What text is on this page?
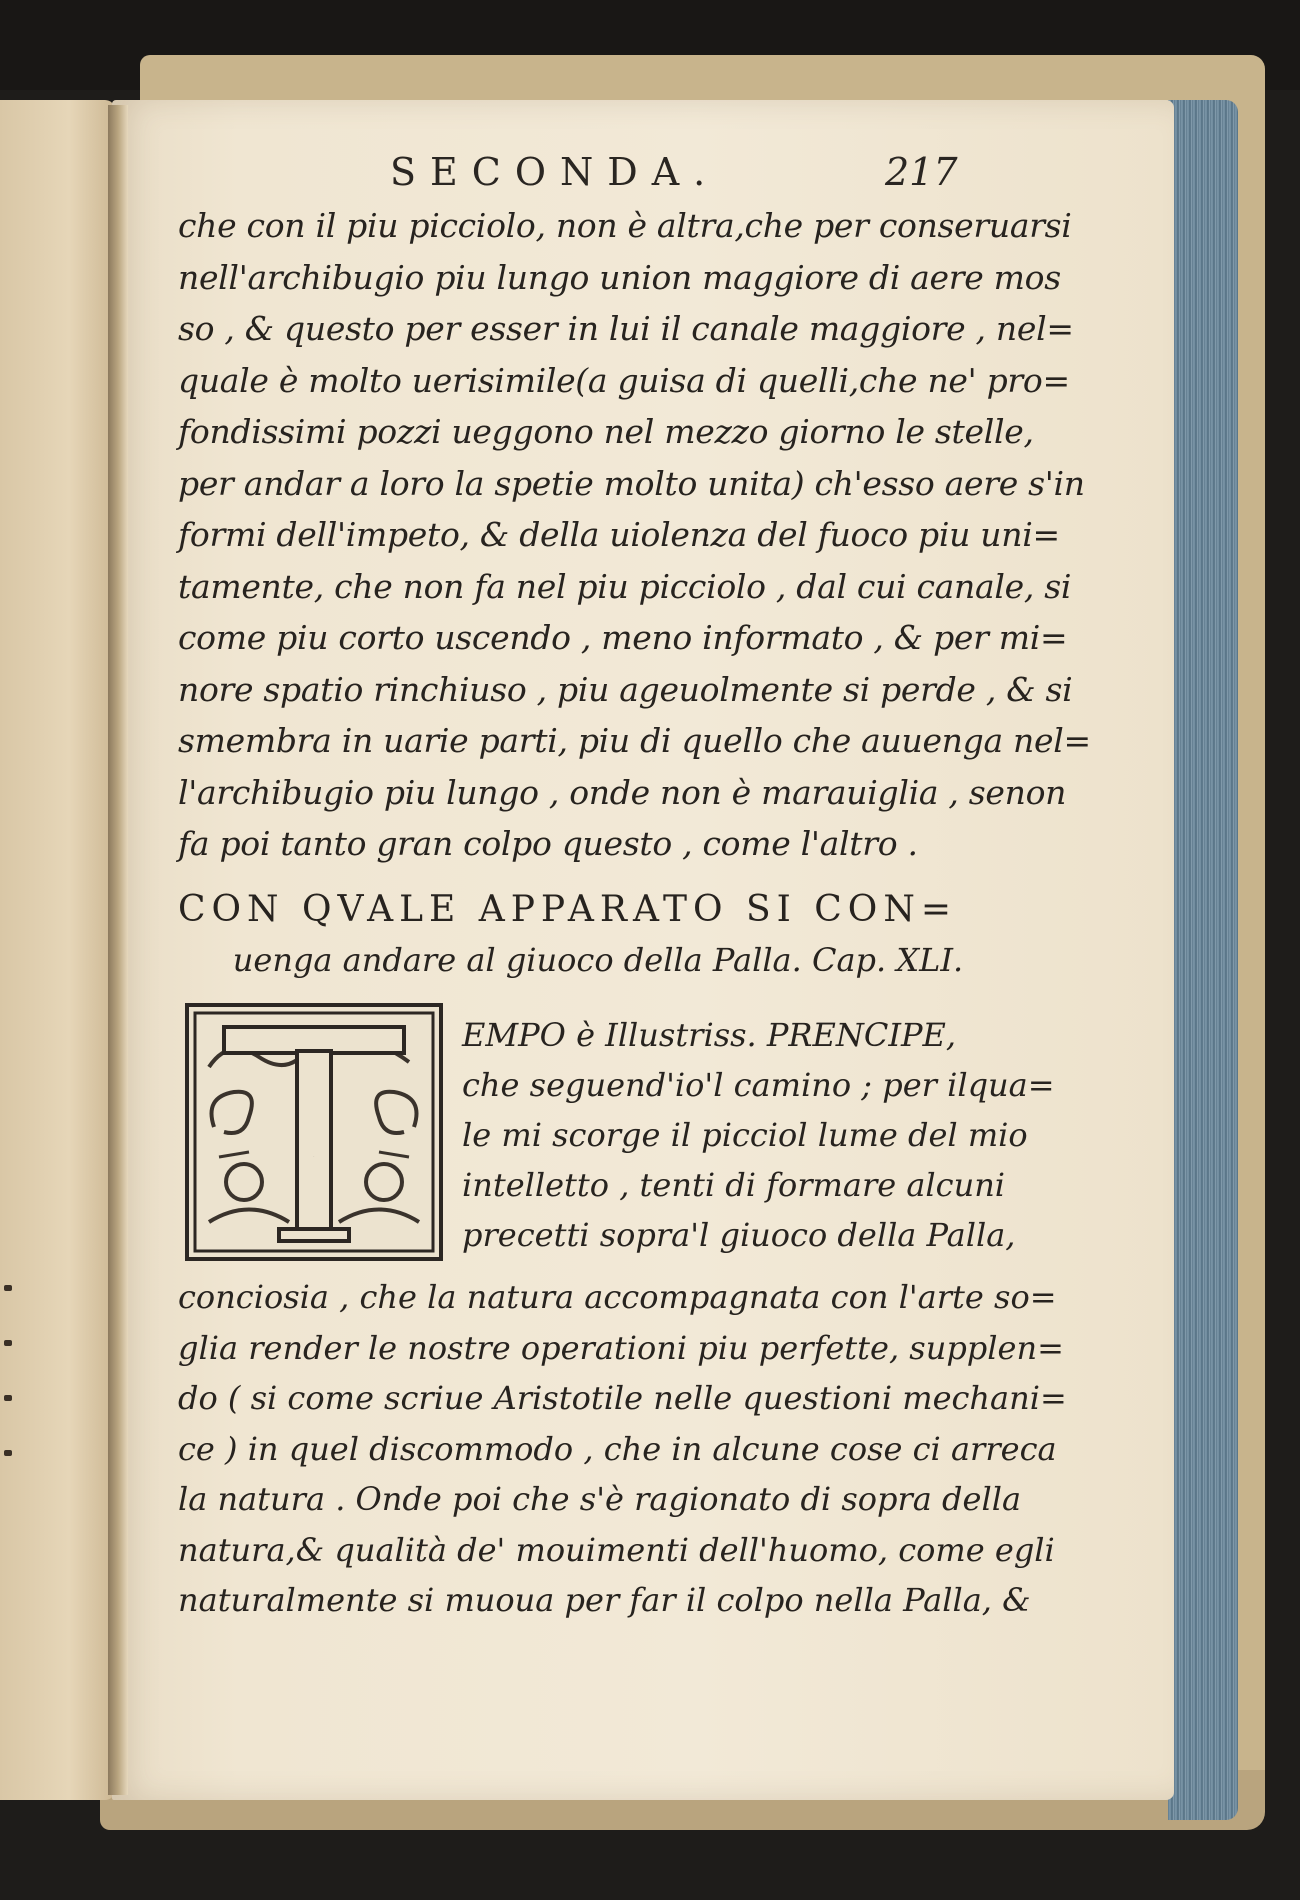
SECONDA.	217
che con il piu picciolo, non è altra,che per conseruarsi
nell'archibugio piu lungo union maggiore di aere mos
so , & questo per esser in lui il canale maggiore , nel=
quale è molto uerisimile(a guisa di quelli,che ne' pro=
fondissimi pozzi ueggono nel mezzo giorno le stelle,
per andar a loro la spetie molto unita) ch'esso aere s'in
formi dell'impeto, & della uiolenza del fuoco piu uni=
tamente, che non fa nel piu picciolo , dal cui canale, si
come piu corto uscendo , meno informato , & per mi=
nore spatio rinchiuso , piu ageuolmente si perde , & si
smembra in uarie parti, piu di quello che auuenga nel=
l'archibugio piu lungo , onde non è marauiglia , senon
fa poi tanto gran colpo questo , come l'altro .
CON QVALE APPARATO SI CON=
uenga andare al giuoco della Palla. Cap. XLI.
T
EMPO è Illustriss. PRENCIPE,
che seguend'io'l camino ; per ilqua=
le mi scorge il picciol lume del mio
intelletto , tenti di formare alcuni
precetti sopra'l giuoco della Palla,
conciosia , che la natura accompagnata con l'arte so=
glia render le nostre operationi piu perfette, supplen=
do ( si come scriue Aristotile nelle questioni mechani=
ce ) in quel discommodo , che in alcune cose ci arreca
la natura . Onde poi che s'è ragionato di sopra della
natura,& qualità de' mouimenti dell'huomo, come egli
naturalmente si muoua per far il colpo nella Palla, &
